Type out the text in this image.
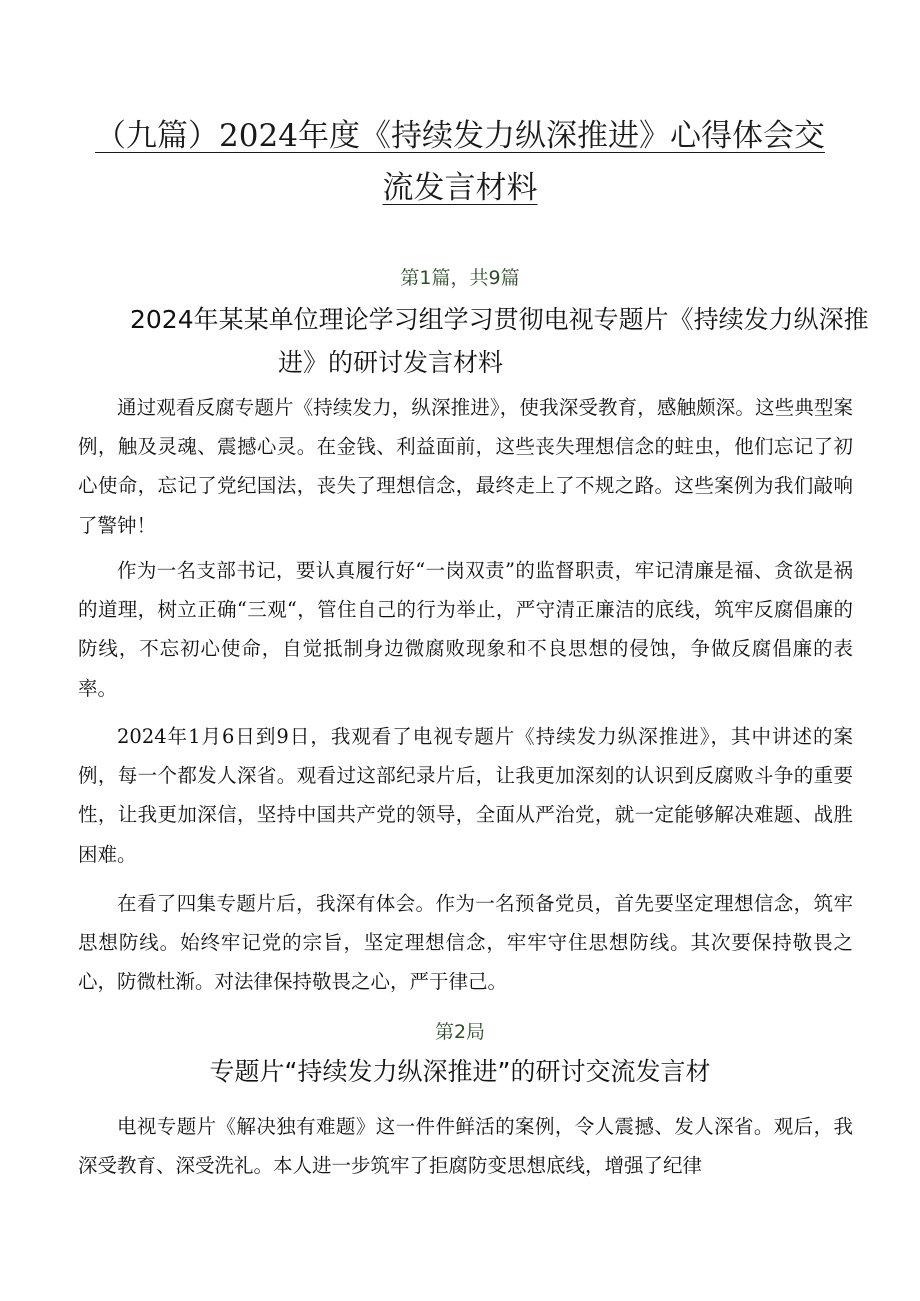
（九篇）2024年度《持续发力纵深推进》心得体会交
流发言材料
第1篇，共9篇
2024年某某单位理论学习组学习贯彻电视专题片《持续发力纵深推
进》的研讨发言材料

通过观看反腐专题片《持续发力，纵深推进》，使我深受教育，感触颇深。这些典型案例，触及灵魂、震撼心灵。在金钱、利益面前，这些丧失理想信念的蛀虫，他们忘记了初心使命，忘记了党纪国法，丧失了理想信念，最终走上了不规之路。这些案例为我们敲响了警钟！

作为一名支部书记，要认真履行好“一岗双责”的监督职责，牢记清廉是福、贪欲是祸的道理，树立正确“三观“，管住自己的行为举止，严守清正廉洁的底线，筑牢反腐倡廉的防线，不忘初心使命，自觉抵制身边微腐败现象和不良思想的侵蚀，争做反腐倡廉的表率。

2024年1月6日到9日，我观看了电视专题片《持续发力纵深推进》，其中讲述的案例，每一个都发人深省。观看过这部纪录片后，让我更加深刻的认识到反腐败斗争的重要性，让我更加深信，坚持中国共产党的领导，全面从严治党，就一定能够解决难题、战胜困难。

在看了四集专题片后，我深有体会。作为一名预备党员，首先要坚定理想信念，筑牢思想防线。始终牢记党的宗旨，坚定理想信念，牢牢守住思想防线。其次要保持敬畏之心，防微杜渐。对法律保持敬畏之心，严于律己。

第2局
专题片“持续发力纵深推进”的研讨交流发言材

电视专题片《解决独有难题》这一件件鲜活的案例，令人震撼、发人深省。观后，我深受教育、深受洗礼。本人进一步筑牢了拒腐防变思想底线，增强了纪律
